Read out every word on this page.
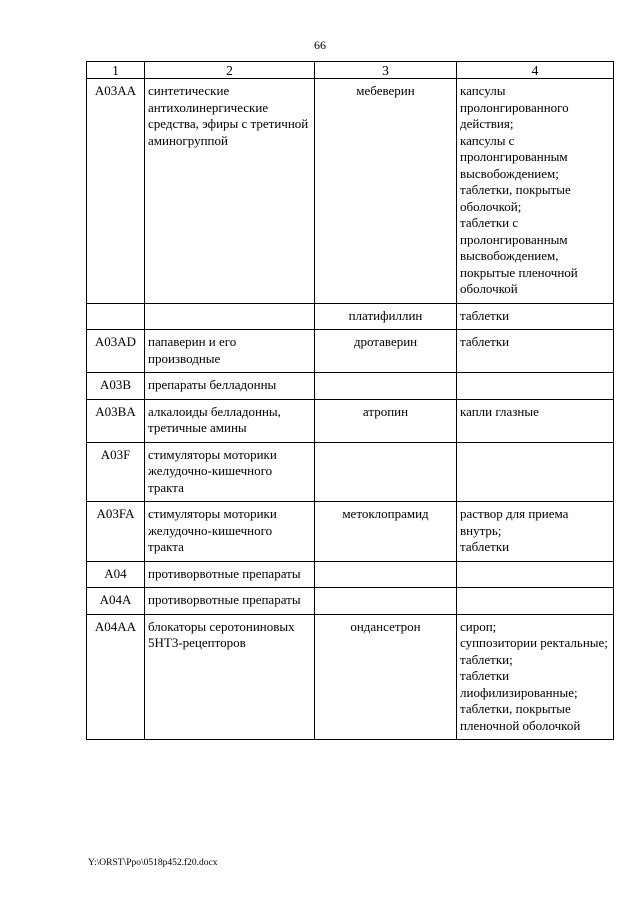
66
1	2	3	4
A03AA	синтетические антихолинергические средства, эфиры с третичной аминогруппой	мебеверин	капсулы пролонгированного действия;
капсулы с пролонгированным высвобождением;
таблетки, покрытые оболочкой;
таблетки с пролонгированным высвобождением, покрытые пленочной оболочкой

		платифиллин	таблетки

A03AD	папаверин и его производные	дротаверин	таблетки

A03B	препараты белладонны		
A03BA	алкалоиды белладонны, третичные амины	атропин	капли глазные

A03F	стимуляторы моторики желудочно-кишечного тракта		
A03FA	стимуляторы моторики желудочно-кишечного тракта	метоклопрамид	раствор для приема внутрь;
таблетки

A04	противорвотные препараты		
A04A	противорвотные препараты		
A04AA	блокаторы серотониновых 5HT3-рецепторов	ондансетрон	сироп;
суппозитории ректальные;
таблетки;
таблетки лиофилизированные;
таблетки, покрытые пленочной оболочкой
Y:\ORST\Ppo\0518p452.f20.docx
